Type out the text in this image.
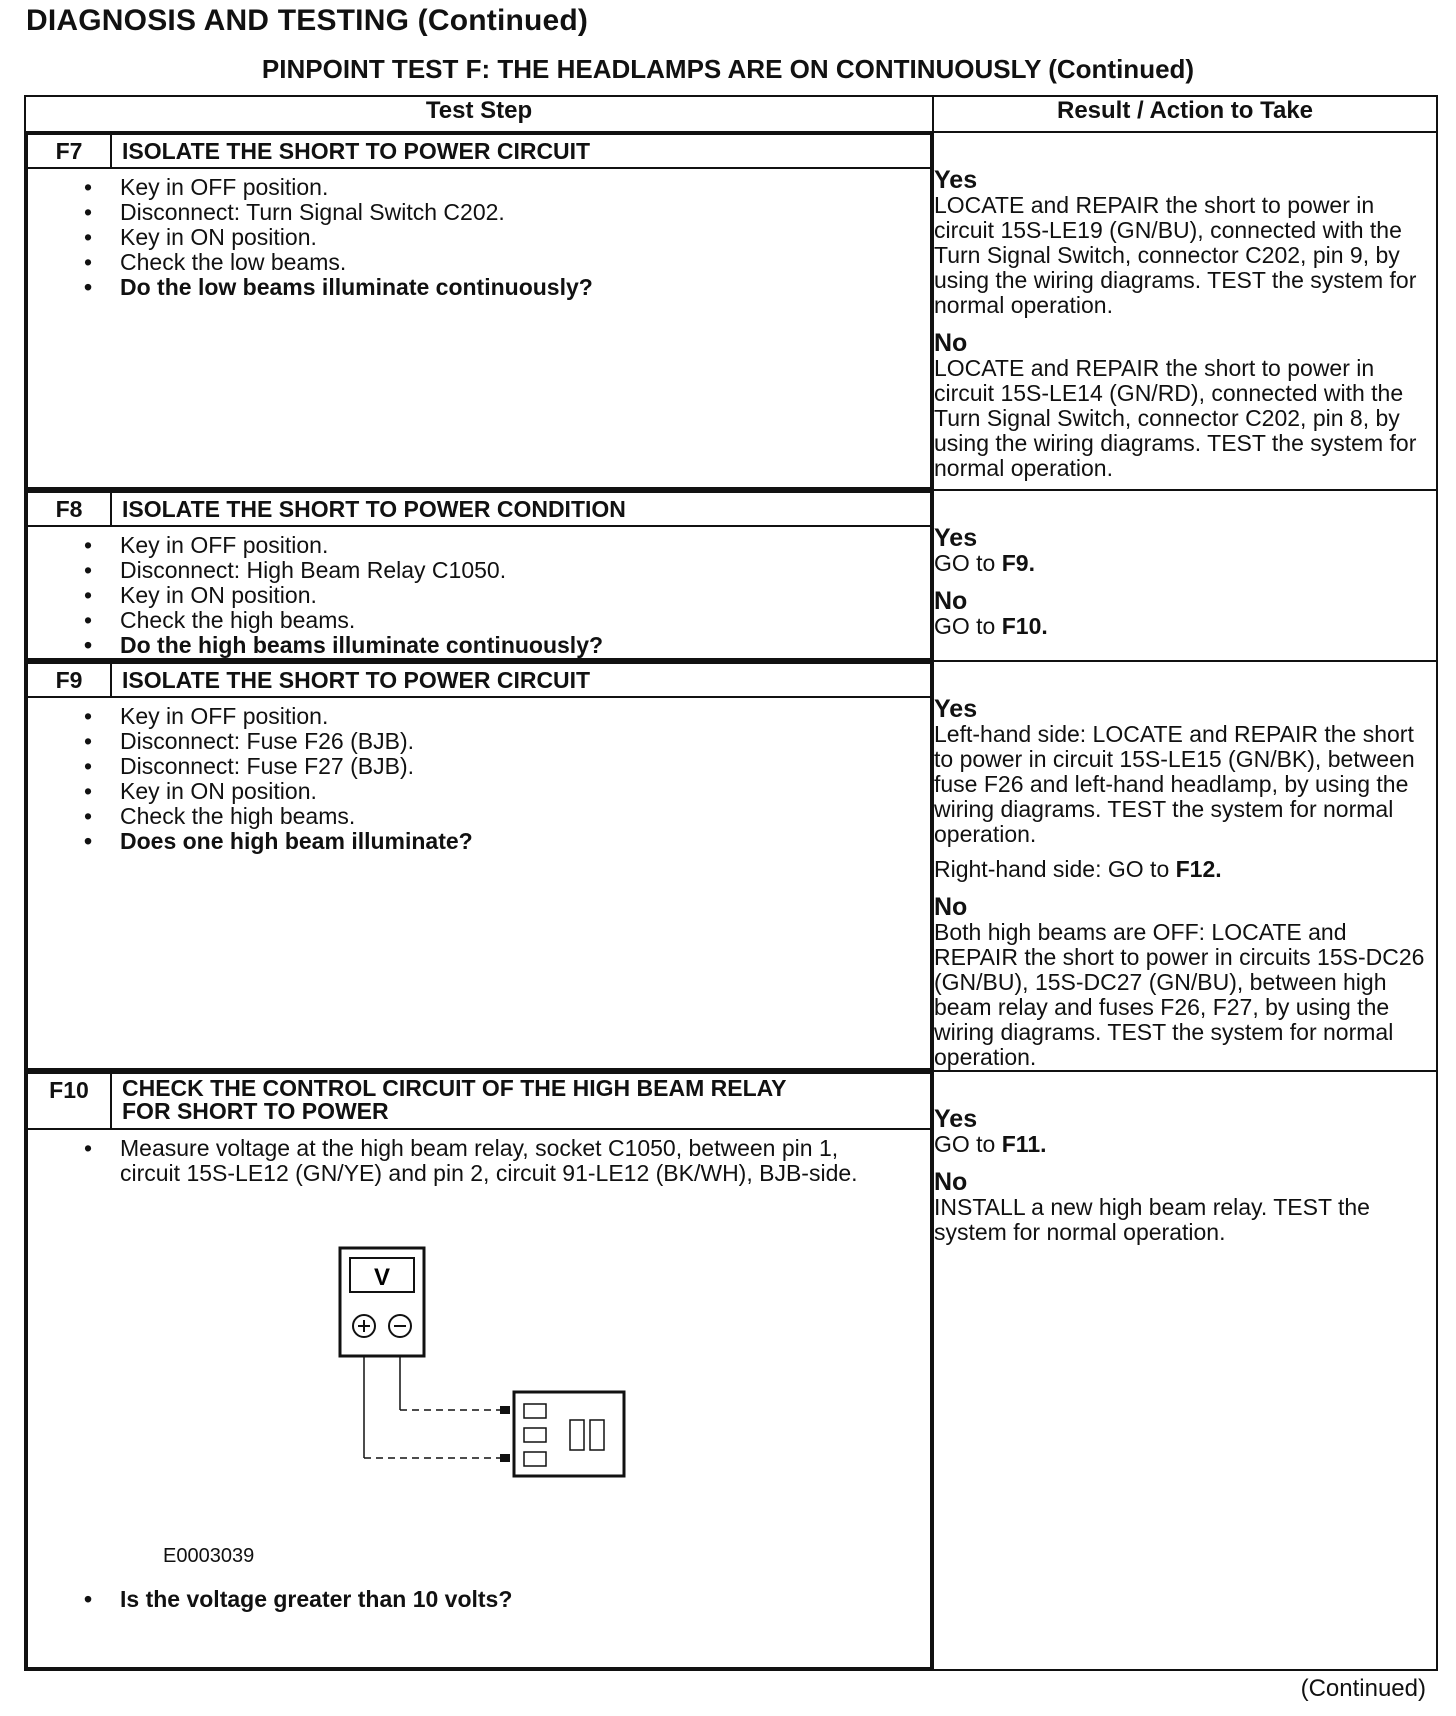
DIAGNOSIS AND TESTING (Continued)
PINPOINT TEST F: THE HEADLAMPS ARE ON CONTINUOUSLY (Continued)
Test Step	Result / Action to Take

F7	ISOLATE THE SHORT TO POWER CIRCUIT

• Key in OFF position.
• Disconnect: Turn Signal Switch C202.
• Key in ON position.
• Check the low beams.
• Do the low beams illuminate continuously?

Yes

LOCATE and REPAIR the short to power in circuit 15S-LE19 (GN/BU), connected with the Turn Signal Switch, connector C202, pin 9, by using the wiring diagrams. TEST the system for normal operation.

No

LOCATE and REPAIR the short to power in circuit 15S-LE14 (GN/RD), connected with the Turn Signal Switch, connector C202, pin 8, by using the wiring diagrams. TEST the system for normal operation.

F8	ISOLATE THE SHORT TO POWER CONDITION

• Key in OFF position.
• Disconnect: High Beam Relay C1050.
• Key in ON position.
• Check the high beams.
• Do the high beams illuminate continuously?

Yes

GO to F9.

No

GO to F10.

F9	ISOLATE THE SHORT TO POWER CIRCUIT

• Key in OFF position.
• Disconnect: Fuse F26 (BJB).
• Disconnect: Fuse F27 (BJB).
• Key in ON position.
• Check the high beams.
• Does one high beam illuminate?

Yes

Left-hand side: LOCATE and REPAIR the short to power in circuit 15S-LE15 (GN/BK), between fuse F26 and left-hand headlamp, by using the wiring diagrams. TEST the system for normal operation.

Right-hand side: GO to F12.

No

Both high beams are OFF: LOCATE and REPAIR the short to power in circuits 15S-DC26 (GN/BU), 15S-DC27 (GN/BU), between high beam relay and fuses F26, F27, by using the wiring diagrams. TEST the system for normal operation.

F10	CHECK THE CONTROL CIRCUIT OF THE HIGH BEAM RELAY
FOR SHORT TO POWER

• Measure voltage at the high beam relay, socket C1050, between pin 1, circuit 15S-LE12 (GN/YE) and pin 2, circuit 91-LE12 (BK/WH), BJB-side.
V
E0003039
• Is the voltage greater than 10 volts?

Yes

GO to F11.

No

INSTALL a new high beam relay. TEST the system for normal operation.

(Continued)
